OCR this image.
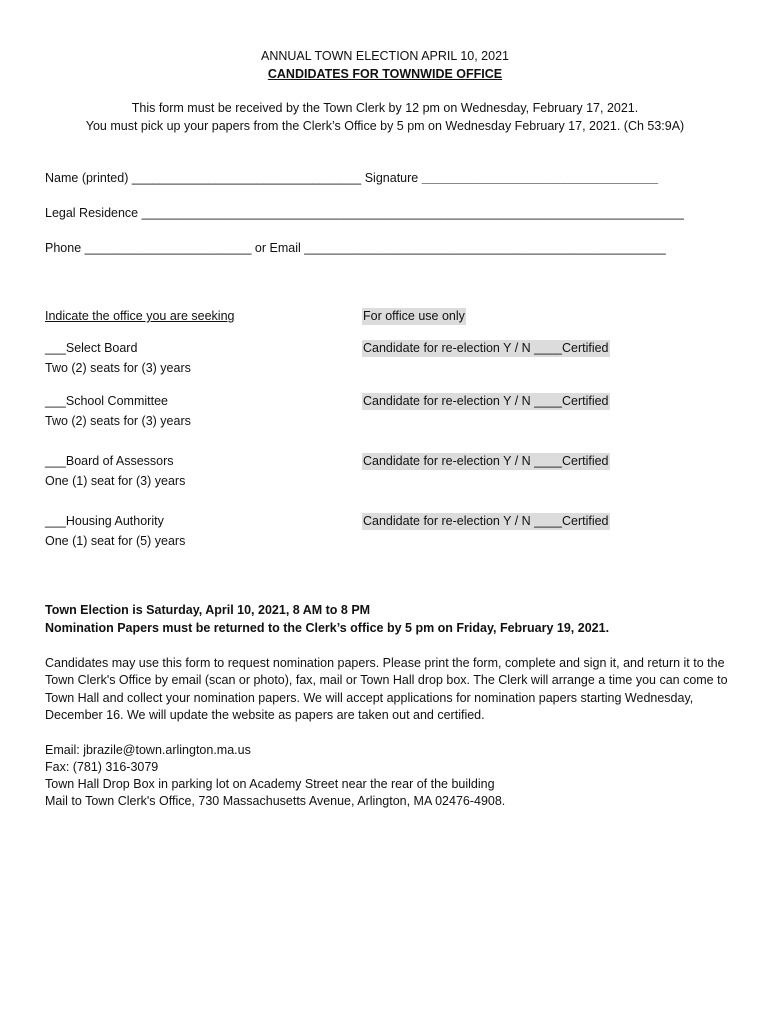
ANNUAL TOWN ELECTION APRIL 10, 2021
CANDIDATES FOR TOWNWIDE OFFICE
This form must be received by the Town Clerk by 12 pm on Wednesday, February 17, 2021.
You must pick up your papers from the Clerk’s Office by 5 pm on Wednesday February 17, 2021. (Ch 53:9A)
Name (printed) _________________________________ Signature __________________________________
Legal Residence ______________________________________________________________________________
Phone ________________________ or Email ____________________________________________________
Indicate the office you are seeking	For office use only
___Select Board
Two (2) seats for (3) years
Candidate for re-election Y / N ____Certified
___School Committee
Two (2) seats for (3) years
Candidate for re-election Y / N ____Certified
___Board of Assessors
One (1) seat for (3) years
Candidate for re-election Y / N ____Certified
___Housing Authority
One (1) seat for (5) years
Candidate for re-election Y / N ____Certified
Town Election is Saturday, April 10, 2021, 8 AM to 8 PM
Nomination Papers must be returned to the Clerk’s office by 5 pm on Friday, February 19, 2021.
Candidates may use this form to request nomination papers. Please print the form, complete and sign it, and return it to the Town Clerk's Office by email (scan or photo), fax, mail or Town Hall drop box. The Clerk will arrange a time you can come to Town Hall and collect your nomination papers. We will accept applications for nomination papers starting Wednesday, December 16. We will update the website as papers are taken out and certified.
Email: jbrazile@town.arlington.ma.us
Fax: (781) 316-3079
Town Hall Drop Box in parking lot on Academy Street near the rear of the building
Mail to Town Clerk's Office, 730 Massachusetts Avenue, Arlington, MA 02476-4908.
